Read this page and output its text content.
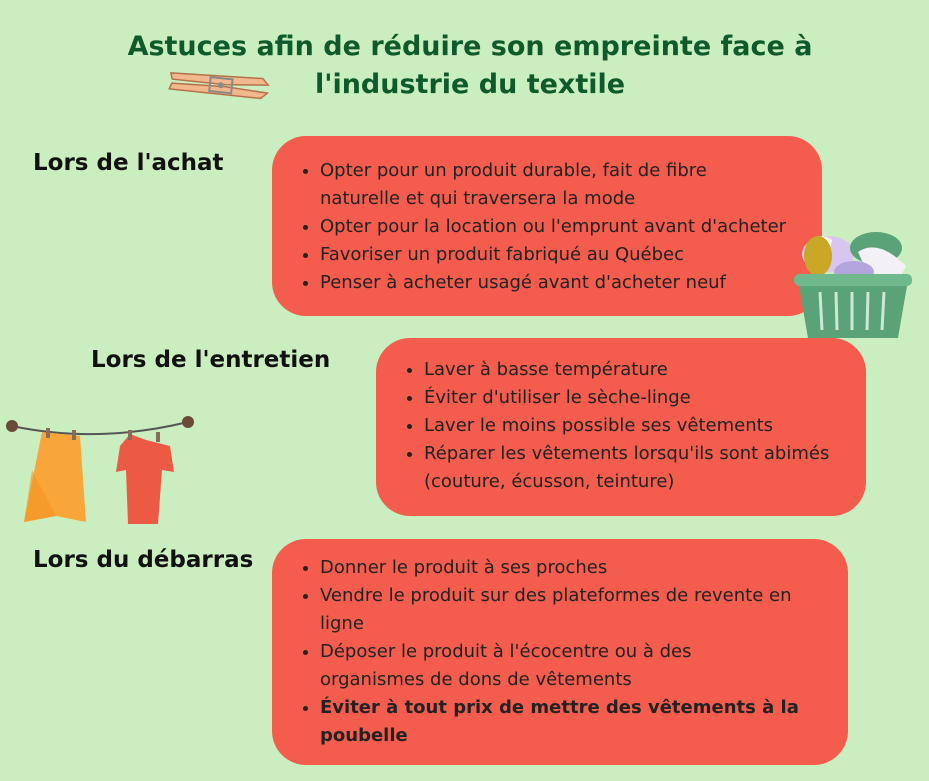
Astuces afin de réduire son empreinte face à
l'industrie du textile
Lors de l'achat	• Opter pour un produit durable, fait de fibre naturelle et qui traversera la mode
• Opter pour la location ou l'emprunt avant d'acheter
• Favoriser un produit fabriqué au Québec
• Penser à acheter usagé avant d'acheter neuf
Lors de l'entretien	• Laver à basse température
• Éviter d'utiliser le sèche-linge
• Laver le moins possible ses vêtements
• Réparer les vêtements lorsqu'ils sont abimés (couture, écusson, teinture)
Lors du débarras	• Donner le produit à ses proches
• Vendre le produit sur des plateformes de revente en ligne
• Déposer le produit à l'écocentre ou à des organismes de dons de vêtements
• Éviter à tout prix de mettre des vêtements à la poubelle
